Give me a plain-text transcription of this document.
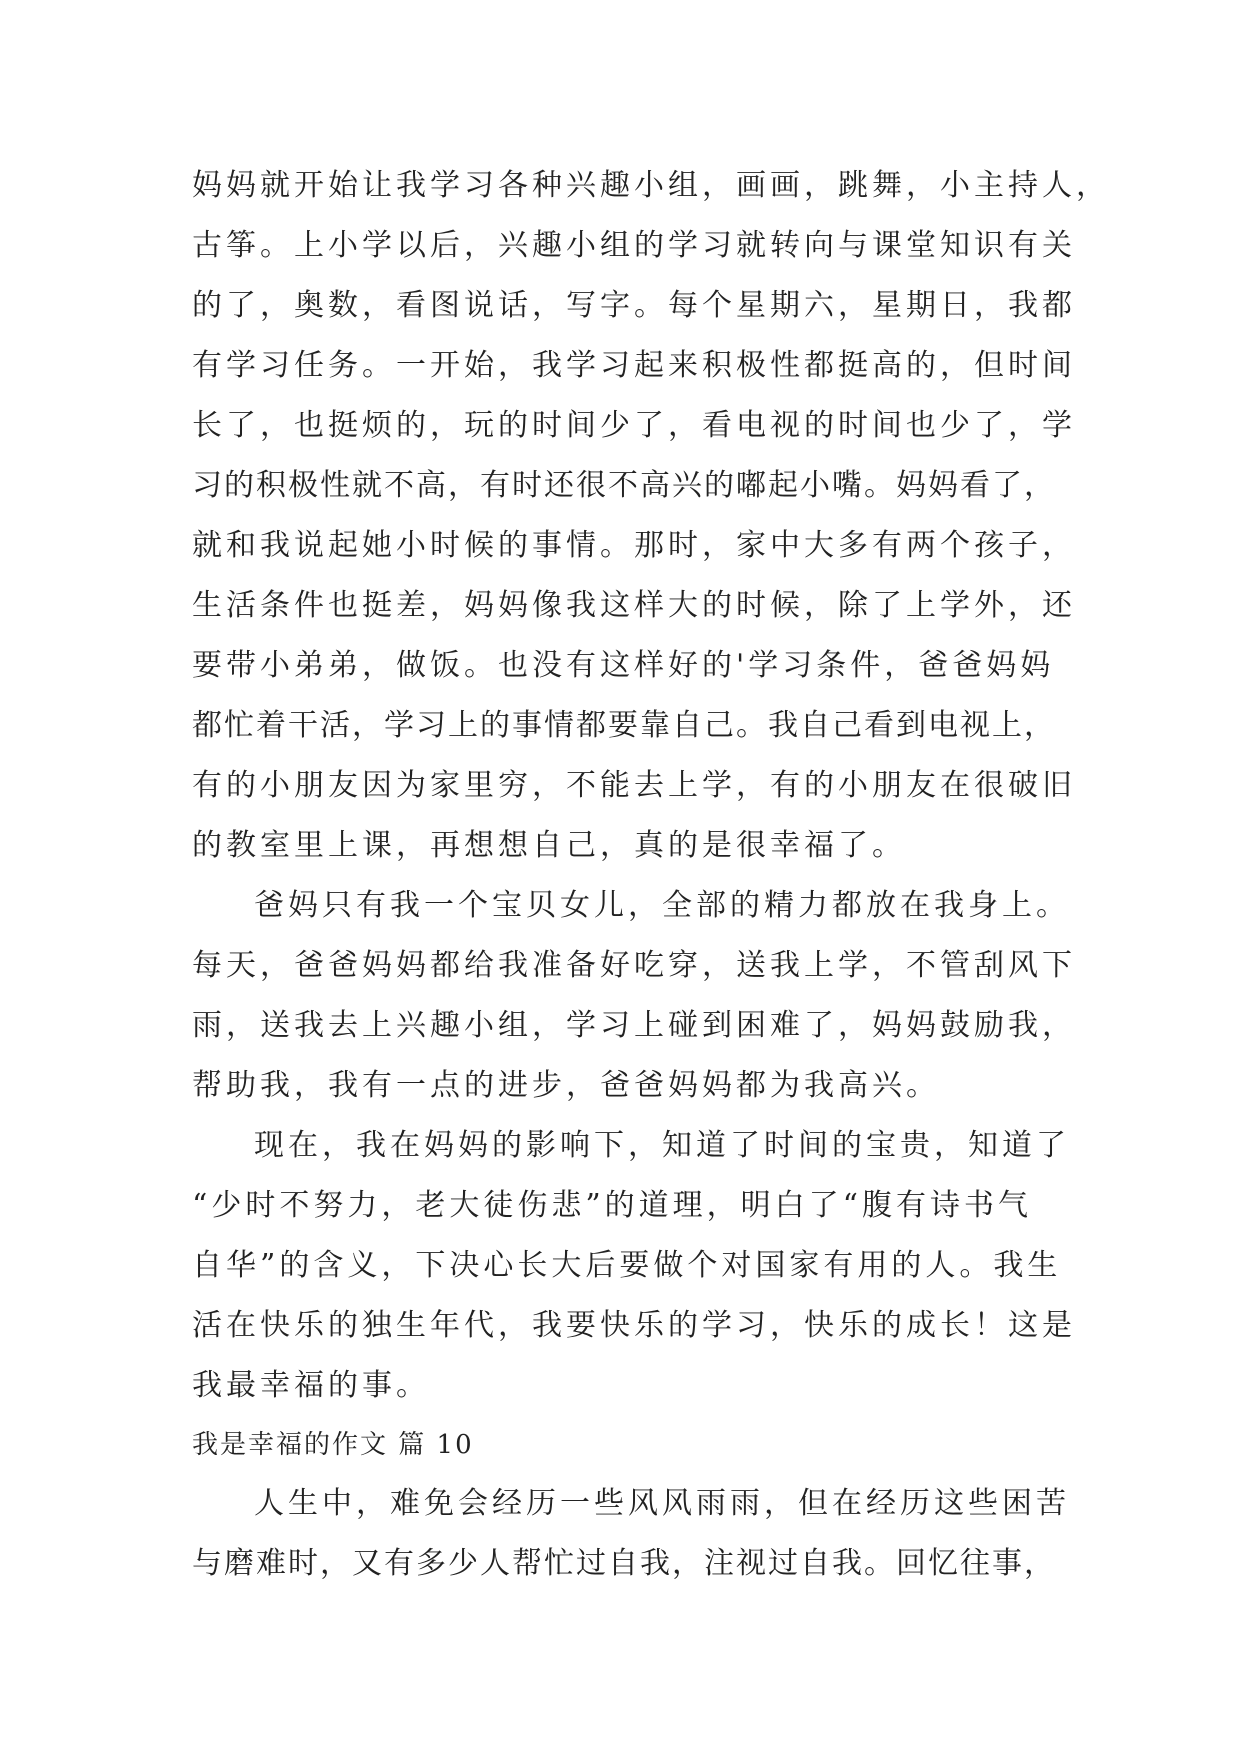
妈妈就开始让我学习各种兴趣小组，画画，跳舞，小主持人，
古筝。上小学以后，兴趣小组的学习就转向与课堂知识有关
的了，奥数，看图说话，写字。每个星期六，星期日，我都
有学习任务。一开始，我学习起来积极性都挺高的，但时间
长了，也挺烦的，玩的时间少了，看电视的时间也少了，学
习的积极性就不高，有时还很不高兴的嘟起小嘴。妈妈看了，
就和我说起她小时候的事情。那时，家中大多有两个孩子，
生活条件也挺差，妈妈像我这样大的时候，除了上学外，还
要带小弟弟，做饭。也没有这样好的'学习条件，爸爸妈妈
都忙着干活，学习上的事情都要靠自己。我自己看到电视上，
有的小朋友因为家里穷，不能去上学，有的小朋友在很破旧
的教室里上课，再想想自己，真的是很幸福了。
爸妈只有我一个宝贝女儿，全部的精力都放在我身上。
每天，爸爸妈妈都给我准备好吃穿，送我上学，不管刮风下
雨，送我去上兴趣小组，学习上碰到困难了，妈妈鼓励我，
帮助我，我有一点的进步，爸爸妈妈都为我高兴。
现在，我在妈妈的影响下，知道了时间的宝贵，知道了
“少时不努力，老大徒伤悲”的道理，明白了“腹有诗书气
自华”的含义，下决心长大后要做个对国家有用的人。我生
活在快乐的独生年代，我要快乐的学习，快乐的成长！这是
我最幸福的事。
我是幸福的作文 篇 10
人生中，难免会经历一些风风雨雨，但在经历这些困苦
与磨难时，又有多少人帮忙过自我，注视过自我。回忆往事，
